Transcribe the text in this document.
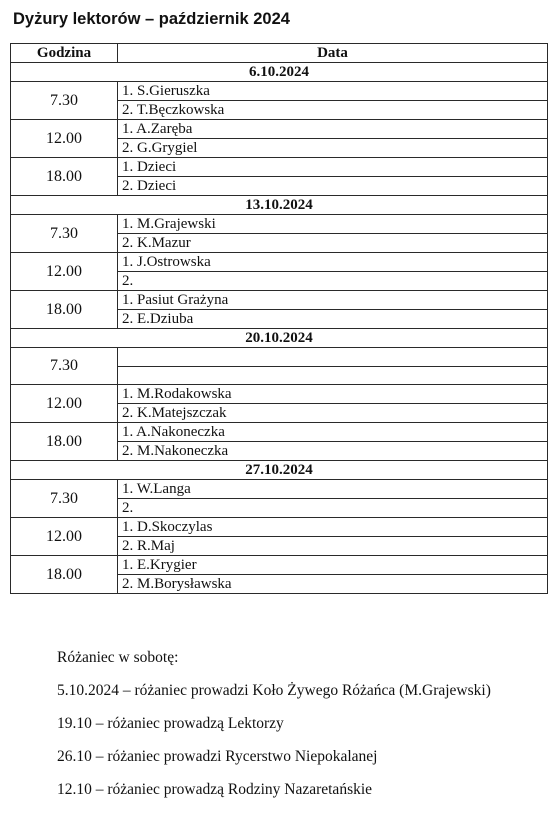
Dyżury lektorów – październik 2024
Godzina	Data
6.10.2024	
7.30	1. S.Gieruszka
	2. T.Bęczkowska
12.00	1. A.Zaręba
	2. G.Grygiel
18.00	1. Dzieci
	2. Dzieci
13.10.2024	
7.30	1. M.Grajewski
	2. K.Mazur
12.00	1. J.Ostrowska
	2.
18.00	1. Pasiut Grażyna
	2. E.Dziuba
20.10.2024	
7.30	

12.00	1. M.Rodakowska
	2. K.Matejszczak
18.00	1. A.Nakoneczka
	2. M.Nakoneczka
27.10.2024	
7.30	1. W.Langa
	2.
12.00	1. D.Skoczylas
	2. R.Maj
18.00	1. E.Krygier
	2. M.Borysławska

Różaniec w sobotę:

5.10.2024 – różaniec prowadzi Koło Żywego Różańca (M.Grajewski)

19.10 – różaniec prowadzą Lektorzy

26.10 – różaniec prowadzi Rycerstwo Niepokalanej

12.10 – różaniec prowadzą Rodziny Nazaretańskie
